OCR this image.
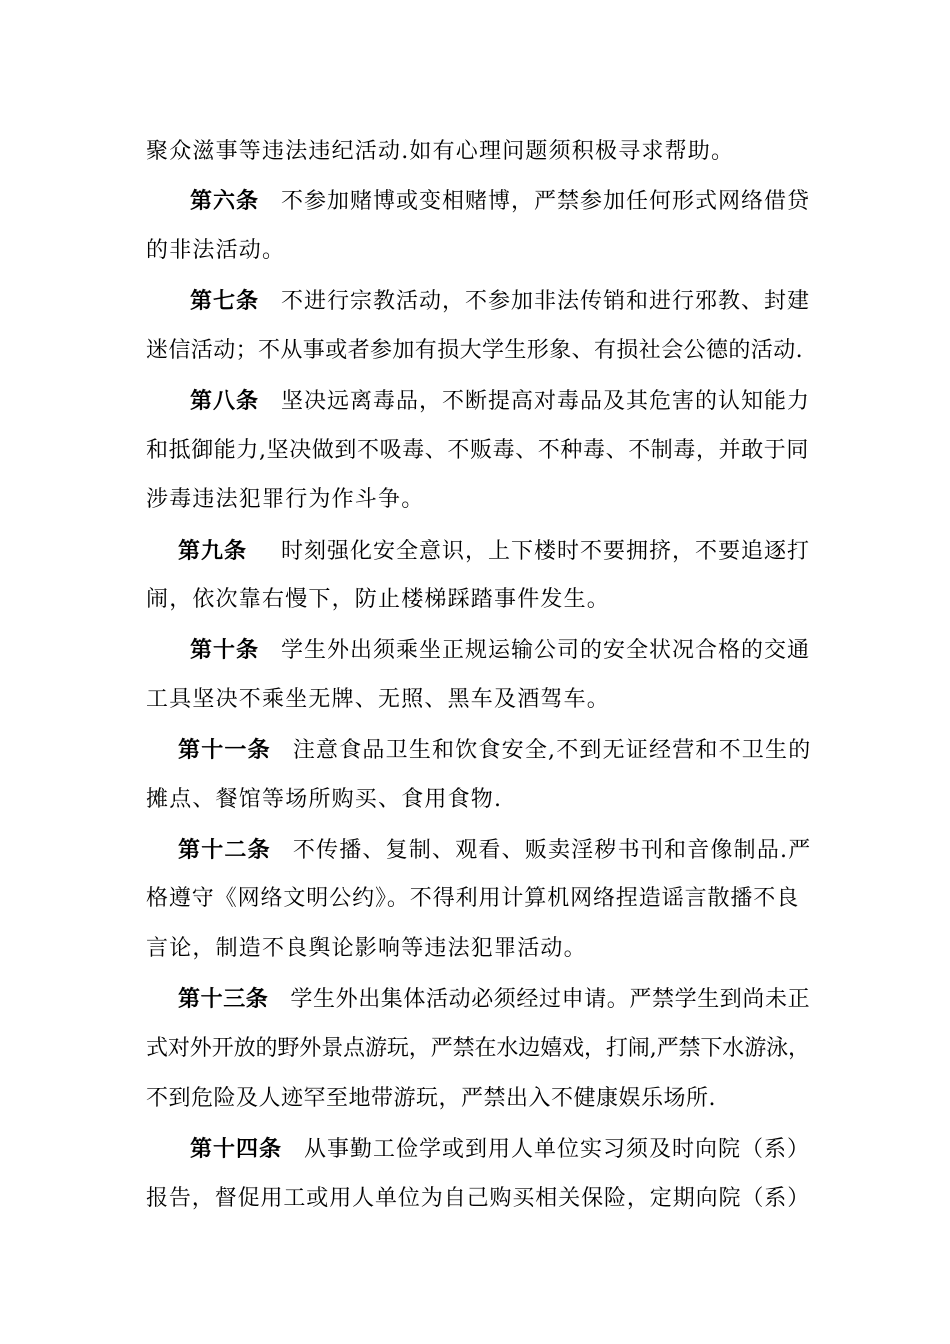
聚众滋事等违法违纪活动.如有心理问题须积极寻求帮助。
第六条 不参加赌博或变相赌博，严禁参加任何形式网络借贷
的非法活动。
第七条 不进行宗教活动，不参加非法传销和进行邪教、封建
迷信活动；不从事或者参加有损大学生形象、有损社会公德的活动.
第八条 坚决远离毒品，不断提高对毒品及其危害的认知能力
和抵御能力,坚决做到不吸毒、不贩毒、不种毒、不制毒，并敢于同
涉毒违法犯罪行为作斗争。
第九条 时刻强化安全意识，上下楼时不要拥挤，不要追逐打
闹，依次靠右慢下，防止楼梯踩踏事件发生。
第十条 学生外出须乘坐正规运输公司的安全状况合格的交通
工具坚决不乘坐无牌、无照、黑车及酒驾车。
第十一条 注意食品卫生和饮食安全,不到无证经营和不卫生的
摊点、餐馆等场所购买、食用食物.
第十二条 不传播、复制、观看、贩卖淫秽书刊和音像制品.严
格遵守《网络文明公约》。不得利用计算机网络捏造谣言散播不良
言论，制造不良舆论影响等违法犯罪活动。
第十三条 学生外出集体活动必须经过申请。严禁学生到尚未正
式对外开放的野外景点游玩，严禁在水边嬉戏，打闹,严禁下水游泳，
不到危险及人迹罕至地带游玩，严禁出入不健康娱乐场所.
第十四条 从事勤工俭学或到用人单位实习须及时向院（系）
报告，督促用工或用人单位为自己购买相关保险，定期向院（系）
